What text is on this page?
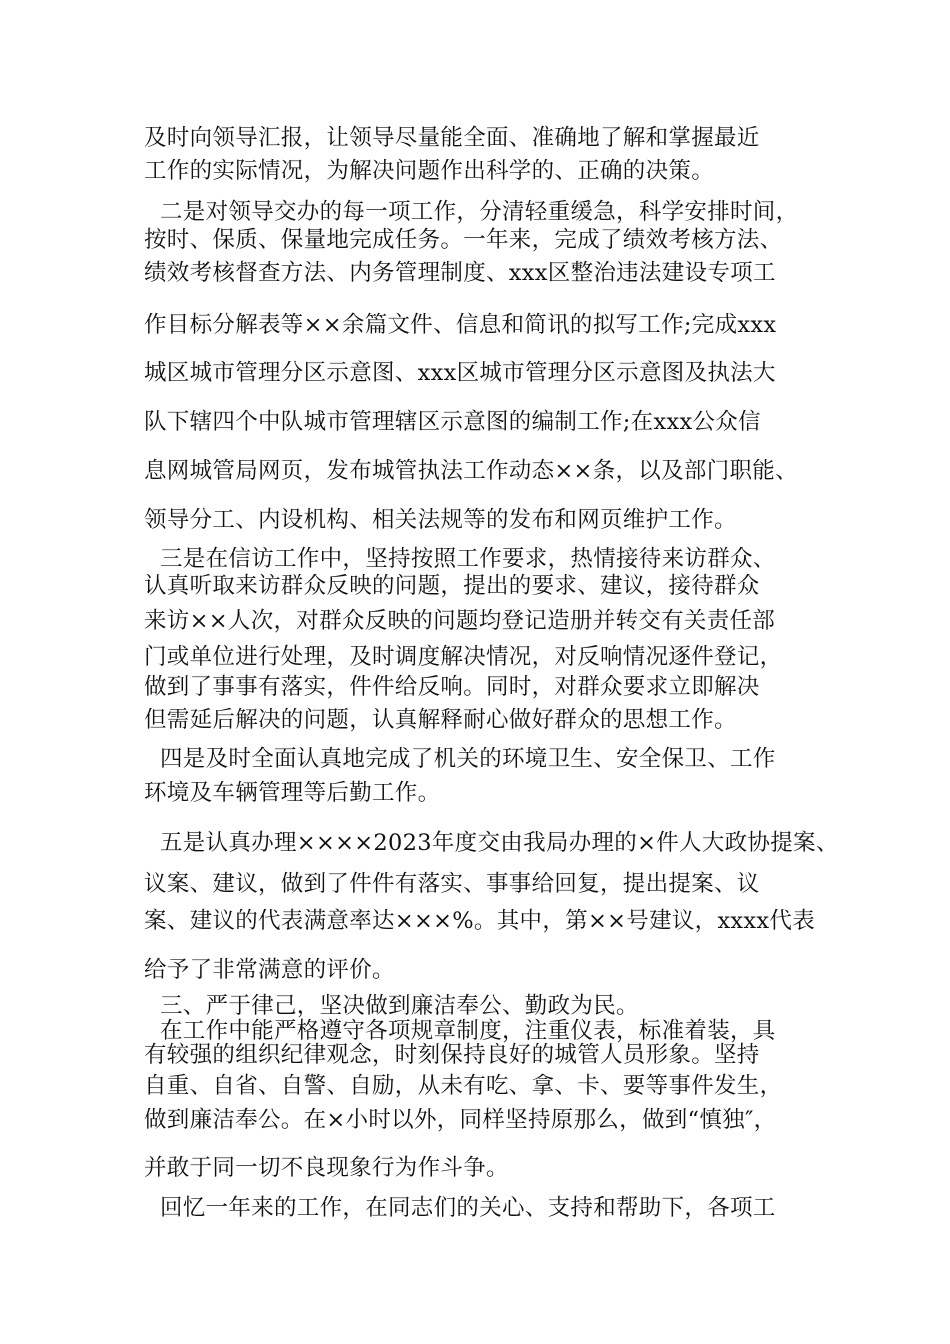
及时向领导汇报，让领导尽量能全面、准确地了解和掌握最近
工作的实际情况，为解决问题作出科学的、正确的决策。
二是对领导交办的每一项工作，分清轻重缓急，科学安排时间，
按时、保质、保量地完成任务。一年来，完成了绩效考核方法、
绩效考核督查方法、内务管理制度、xxx区整治违法建设专项工
作目标分解表等××余篇文件、信息和简讯的拟写工作;完成xxx
城区城市管理分区示意图、xxx区城市管理分区示意图及执法大
队下辖四个中队城市管理辖区示意图的编制工作;在xxx公众信
息网城管局网页，发布城管执法工作动态××条，以及部门职能、
领导分工、内设机构、相关法规等的发布和网页维护工作。
三是在信访工作中，坚持按照工作要求，热情接待来访群众、
认真听取来访群众反映的问题，提出的要求、建议，接待群众
来访××人次，对群众反映的问题均登记造册并转交有关责任部
门或单位进行处理，及时调度解决情况，对反响情况逐件登记，
做到了事事有落实，件件给反响。同时，对群众要求立即解决
但需延后解决的问题，认真解释耐心做好群众的思想工作。
四是及时全面认真地完成了机关的环境卫生、安全保卫、工作
环境及车辆管理等后勤工作。
五是认真办理××××2023年度交由我局办理的×件人大政协提案、
议案、建议，做到了件件有落实、事事给回复，提出提案、议
案、建议的代表满意率达×××%。其中，第××号建议，xxxx代表
给予了非常满意的评价。
三、严于律己，坚决做到廉洁奉公、勤政为民。
在工作中能严格遵守各项规章制度，注重仪表，标准着装，具
有较强的组织纪律观念，时刻保持良好的城管人员形象。坚持
自重、自省、自警、自励，从未有吃、拿、卡、要等事件发生，
做到廉洁奉公。在×小时以外，同样坚持原那么，做到“慎独″，
并敢于同一切不良现象行为作斗争。
回忆一年来的工作，在同志们的关心、支持和帮助下，各项工
